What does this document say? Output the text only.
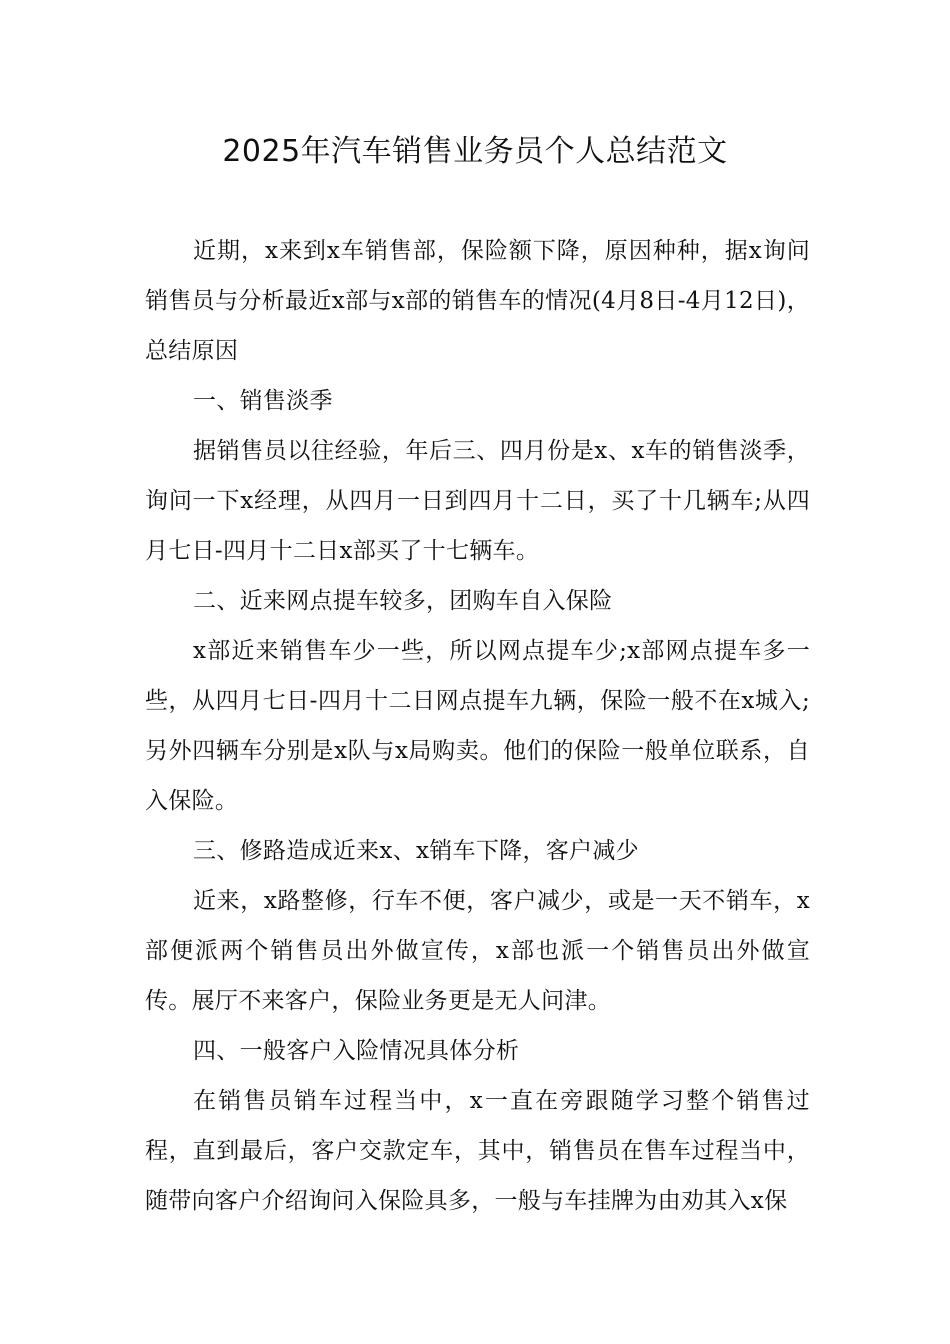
2025年汽车销售业务员个人总结范文

近期，x来到x车销售部，保险额下降，原因种种，据x询问销售员与分析最近x部与x部的销售车的情况(4月8日-4月12日)，总结原因

一、销售淡季

据销售员以往经验，年后三、四月份是x、x车的销售淡季，询问一下x经理，从四月一日到四月十二日，买了十几辆车;从四月七日-四月十二日x部买了十七辆车。

二、近来网点提车较多，团购车自入保险

x部近来销售车少一些，所以网点提车少;x部网点提车多一些，从四月七日-四月十二日网点提车九辆，保险一般不在x城入;另外四辆车分别是x队与x局购卖。他们的保险一般单位联系，自入保险。

三、修路造成近来x、x销车下降，客户减少

近来，x路整修，行车不便，客户减少，或是一天不销车，x部便派两个销售员出外做宣传，x部也派一个销售员出外做宣传。展厅不来客户，保险业务更是无人问津。

四、一般客户入险情况具体分析

在销售员销车过程当中，x一直在旁跟随学习整个销售过程，直到最后，客户交款定车，其中，销售员在售车过程当中，随带向客户介绍询问入保险具多，一般与车挂牌为由劝其入x保
